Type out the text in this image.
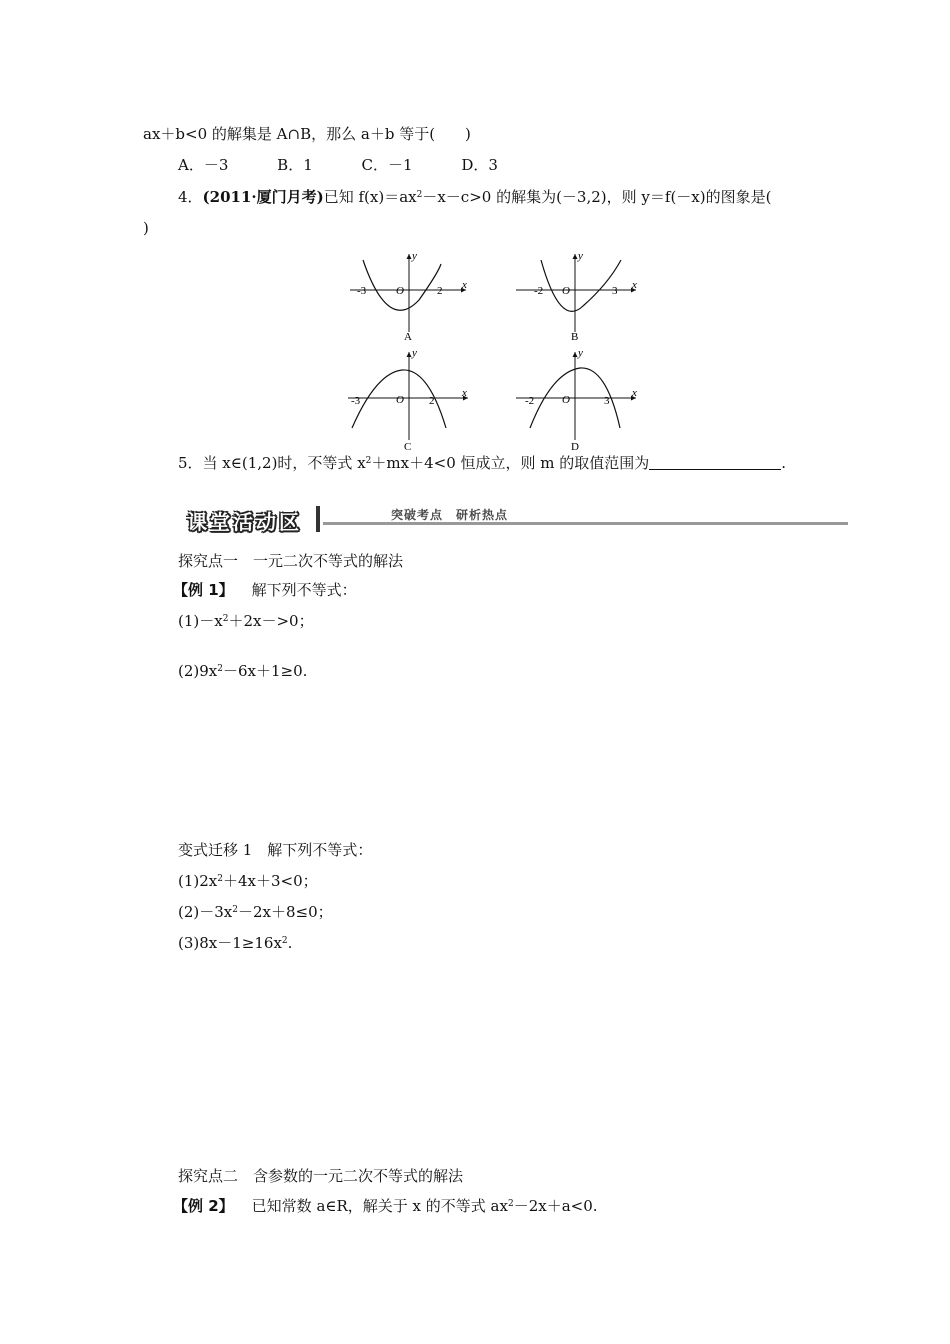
ax＋b<0 的解集是 A∩B，那么 a＋b 等于(　　)
A．－3	B．1	C．－1	D．3
4．(2011·厦门月考)已知 $f(x)=ax^2-x-c>0$ 的解集为(－3,2)，则 y＝f(－x)的图象是(
)
-3	2
O
y
x
A
-2	3
O
y
x
B
-3	2
O
y
x
C
-2	3
O
y
x
D
5．当 x∈(1,2)时，不等式 $x^2+mx+4<0$ 恒成立，则 m 的取值范围为	.
课堂活动区	突破考点　研析热点
探究点一　一元二次不等式的解法
【例 1】 解下列不等式：
$(1)-x^2+2x->0$；
$(2)9x^2-6x+1\ge 0$.
变式迁移 1　解下列不等式：
$(1)2x^2+4x+3<0$；
$(2)-3x^2-2x+8\le 0$；
$(3)8x-1\ge 16x^2$.
探究点二　含参数的一元二次不等式的解法
【例 2】 已知常数 a∈R，解关于 x 的不等式 $ax^2-2x+a<0$.
